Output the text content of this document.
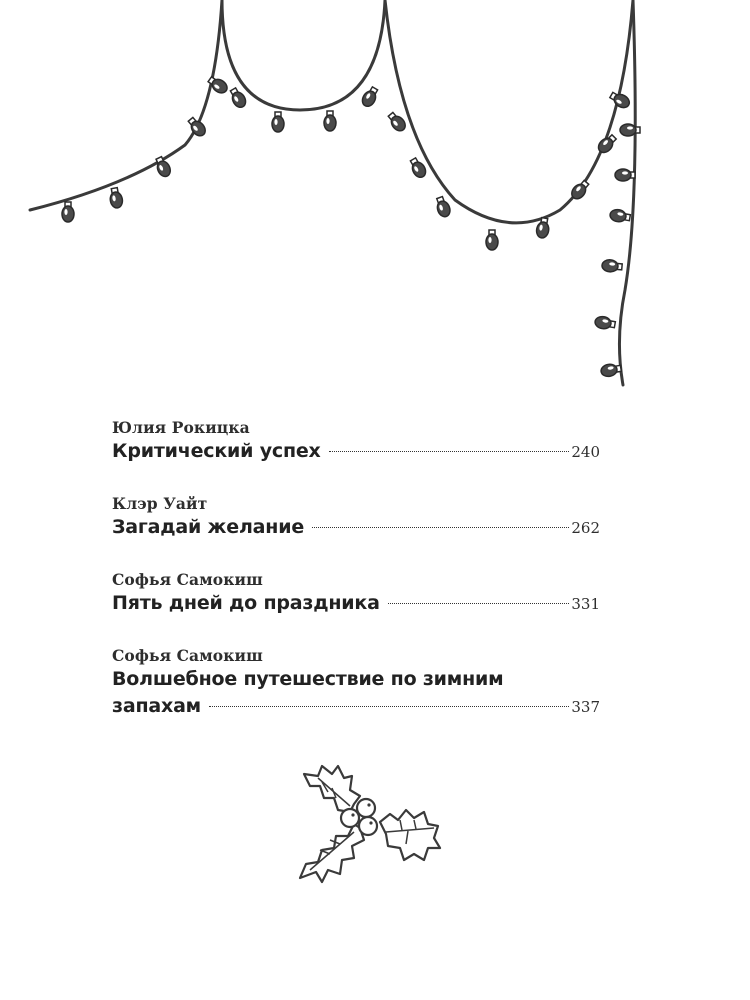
Юлия Рокицка
Критический успех	240
Клэр Уайт
Загадай желание	262
Софья Самокиш
Пять дней до праздника	331
Софья Самокиш
Волшебное путешествие по зимним
запахам	337
